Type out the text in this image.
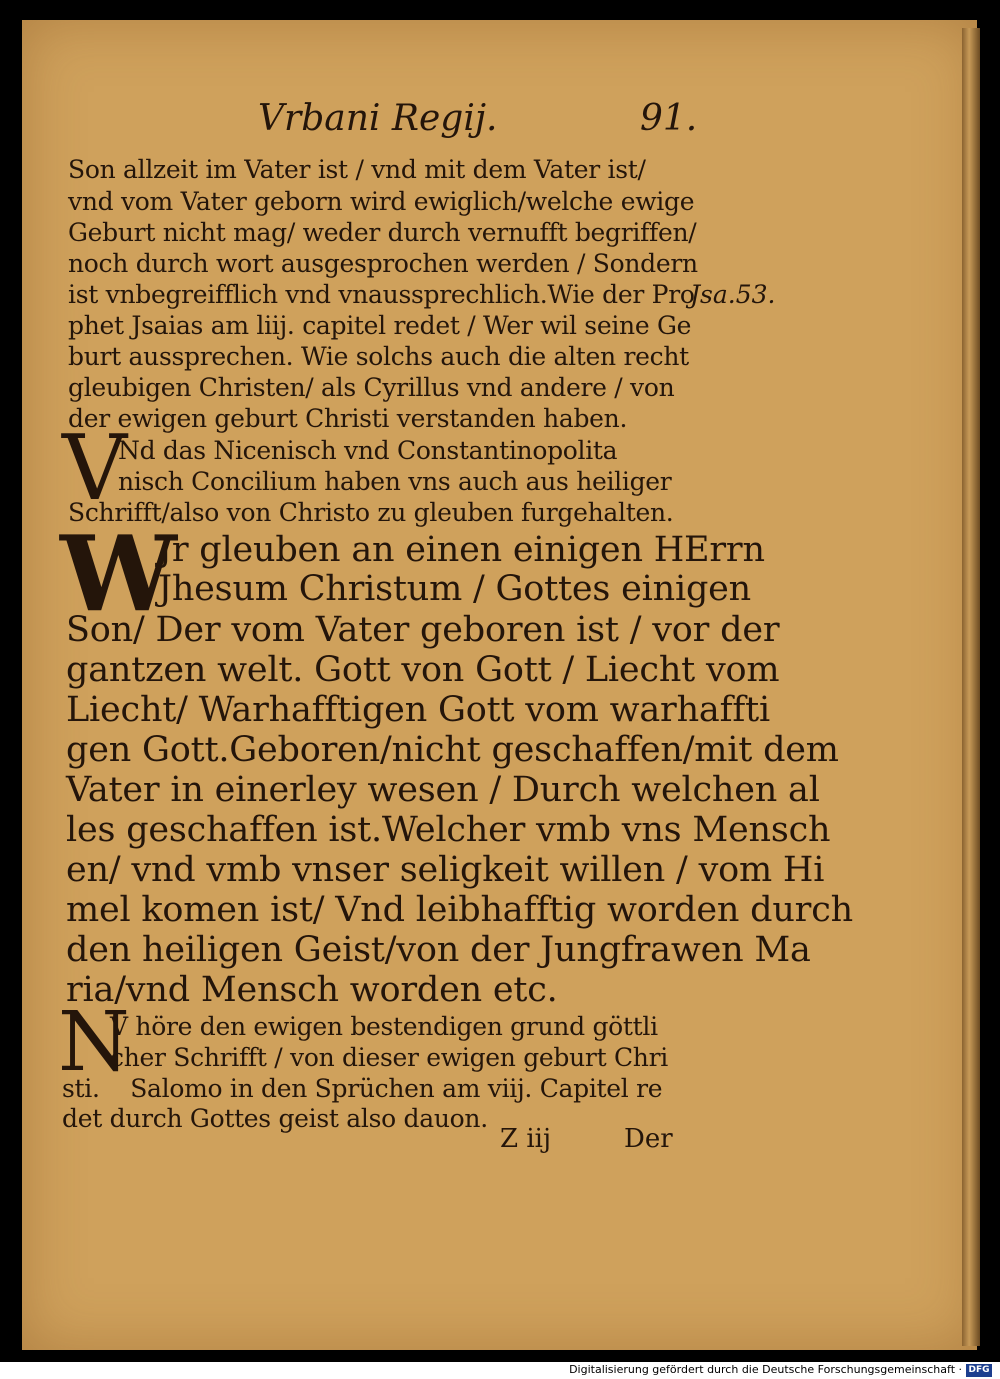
Vrbani Regij.	91.
Son allzeit im Vater ist / vnd mit dem Vater ist/
vnd vom Vater geborn wird ewiglich/welche ewige
Geburt nicht mag/ weder durch vernufft begriffen/
noch durch wort ausgesprochen werden / Sondern
ist vnbegreifflich vnd vnaussprechlich.Wie der Pro
phet Jsaias am liij. capitel redet / Wer wil seine Ge
burt aussprechen. Wie solchs auch die alten recht
gleubigen Christen/ als Cyrillus vnd andere / von
der ewigen geburt Christi verstanden haben.
Jsa.53.
V
Nd das Nicenisch vnd Constantinopolita
nisch Concilium haben vns auch aus heiliger
Schrifft/also von Christo zu gleuben furgehalten.
W
Jr gleuben an einen einigen HErrn
Jhesum Christum / Gottes einigen
Son/ Der vom Vater geboren ist / vor der
gantzen welt. Gott von Gott / Liecht vom
Liecht/ Warhafftigen Gott vom warhaffti
gen Gott.Geboren/nicht geschaffen/mit dem
Vater in einerley wesen / Durch welchen al
les geschaffen ist.Welcher vmb vns Mensch
en/ vnd vmb vnser seligkeit willen / vom Hi
mel komen ist/ Vnd leibhafftig worden durch
den heiligen Geist/von der Jungfrawen Ma
ria/vnd Mensch worden etc.
N
V höre den ewigen bestendigen grund göttli
cher Schrifft / von dieser ewigen geburt Chri
sti.    Salomo in den Sprüchen am viij. Capitel re
det durch Gottes geist also dauon.
Z iij	Der
Digitalisierung gefördert durch die Deutsche Forschungsgemeinschaft · DFG
